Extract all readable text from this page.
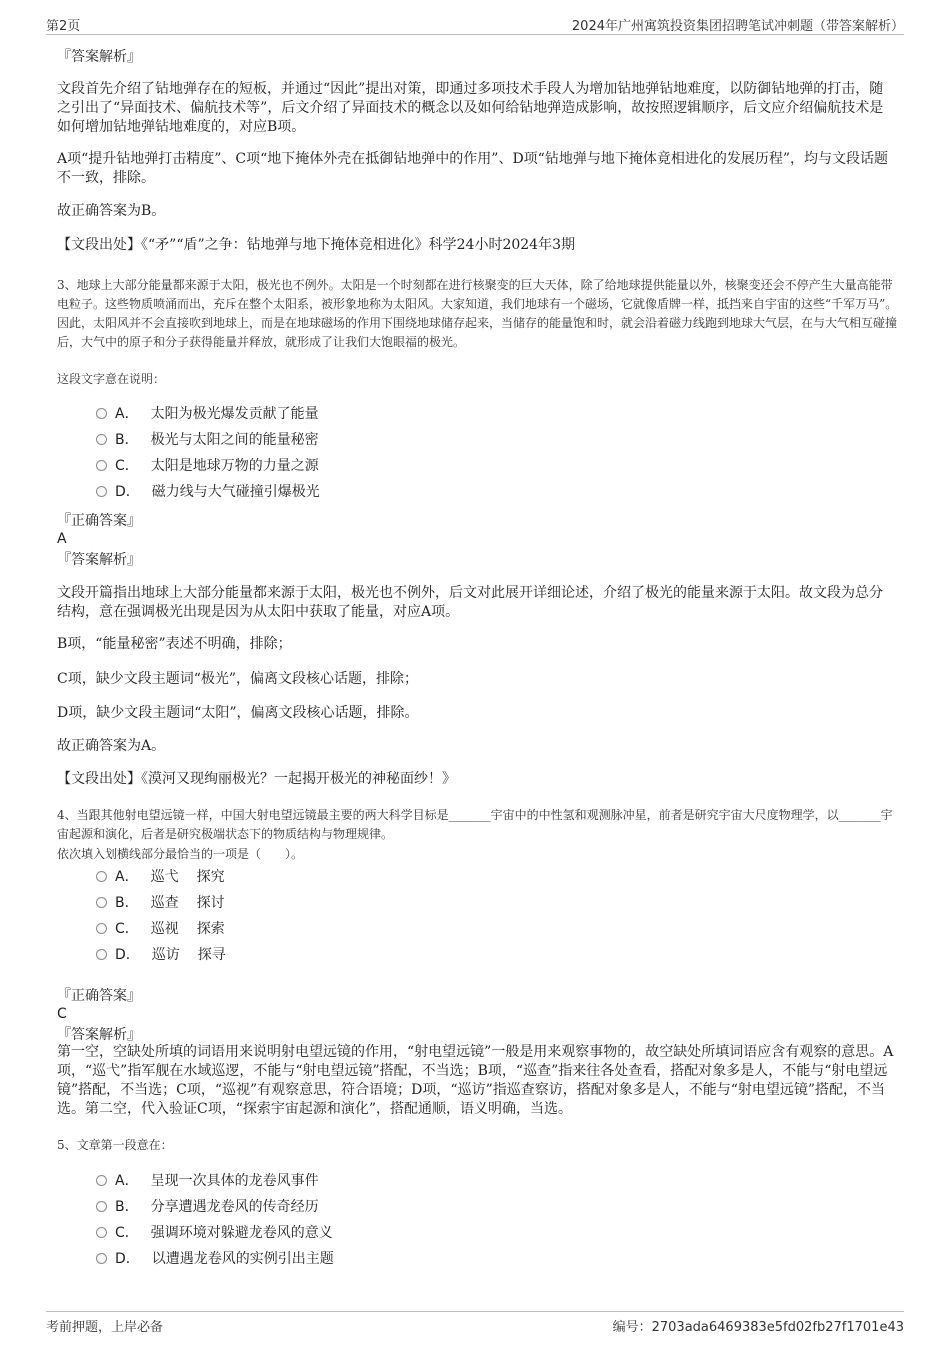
第2页	2024年广州寓筑投资集团招聘笔试冲刺题（带答案解析）
『答案解析』
文段首先介绍了钻地弹存在的短板，并通过“因此”提出对策，即通过多项技术手段人为增加钻地弹钻地难度，以防御钻地弹的打击，随之引出了“异面技术、偏航技术等”，后文介绍了异面技术的概念以及如何给钻地弹造成影响，故按照逻辑顺序，后文应介绍偏航技术是如何增加钻地弹钻地难度的，对应B项。
A项“提升钻地弹打击精度”、C项“地下掩体外壳在抵御钻地弹中的作用”、D项“钻地弹与地下掩体竟相进化的发展历程”，均与文段话题不一致，排除。
故正确答案为B。
【文段出处】《“矛”“盾”之争：钻地弹与地下掩体竞相进化》科学24小时2024年3期
3、地球上大部分能量都来源于太阳，极光也不例外。太阳是一个时刻都在进行核聚变的巨大天体，除了给地球提供能量以外，核聚变还会不停产生大量高能带电粒子。这些物质喷涌而出，充斥在整个太阳系，被形象地称为太阳风。大家知道，我们地球有一个磁场，它就像盾牌一样，抵挡来自宇宙的这些“千军万马”。因此，太阳风并不会直接吹到地球上，而是在地球磁场的作用下围绕地球储存起来，当储存的能量饱和时，就会沿着磁力线跑到地球大气层，在与大气相互碰撞后，大气中的原子和分子获得能量并释放，就形成了让我们大饱眼福的极光。
这段文字意在说明：
A． 太阳为极光爆发贡献了能量
B． 极光与太阳之间的能量秘密
C． 太阳是地球万物的力量之源
D． 磁力线与大气碰撞引爆极光
『正确答案』
A
『答案解析』
文段开篇指出地球上大部分能量都来源于太阳，极光也不例外，后文对此展开详细论述，介绍了极光的能量来源于太阳。故文段为总分结构，意在强调极光出现是因为从太阳中获取了能量，对应A项。
B项，“能量秘密”表述不明确，排除；
C项，缺少文段主题词“极光”，偏离文段核心话题，排除；
D项，缺少文段主题词“太阳”，偏离文段核心话题，排除。
故正确答案为A。
【文段出处】《漠河又现绚丽极光？一起揭开极光的神秘面纱！》
4、当跟其他射电望远镜一样，中国大射电望远镜最主要的两大科学目标是_______宇宙中的中性氢和观测脉冲星，前者是研究宇宙大尺度物理学，以_______宇宙起源和演化，后者是研究极端状态下的物质结构与物理规律。
依次填入划横线部分最恰当的一项是（　　）。
A． 巡弋 探究
B． 巡查 探讨
C． 巡视 探索
D． 巡访 探寻
『正确答案』
C
『答案解析』
第一空，空缺处所填的词语用来说明射电望远镜的作用，“射电望远镜”一般是用来观察事物的，故空缺处所填词语应含有观察的意思。A项，“巡弋”指军舰在水域巡逻，不能与“射电望远镜”搭配，不当选；B项，“巡查”指来往各处查看，搭配对象多是人，不能与“射电望远镜”搭配，不当选；C项，“巡视”有观察意思，符合语境；D项，“巡访”指巡查察访，搭配对象多是人，不能与“射电望远镜”搭配，不当选。第二空，代入验证C项，“探索宇宙起源和演化”，搭配通顺，语义明确，当选。
5、文章第一段意在：
A． 呈现一次具体的龙卷风事件
B． 分享遭遇龙卷风的传奇经历
C． 强调环境对躲避龙卷风的意义
D． 以遭遇龙卷风的实例引出主题
考前押题，上岸必备	编号：2703ada6469383e5fd02fb27f1701e43
